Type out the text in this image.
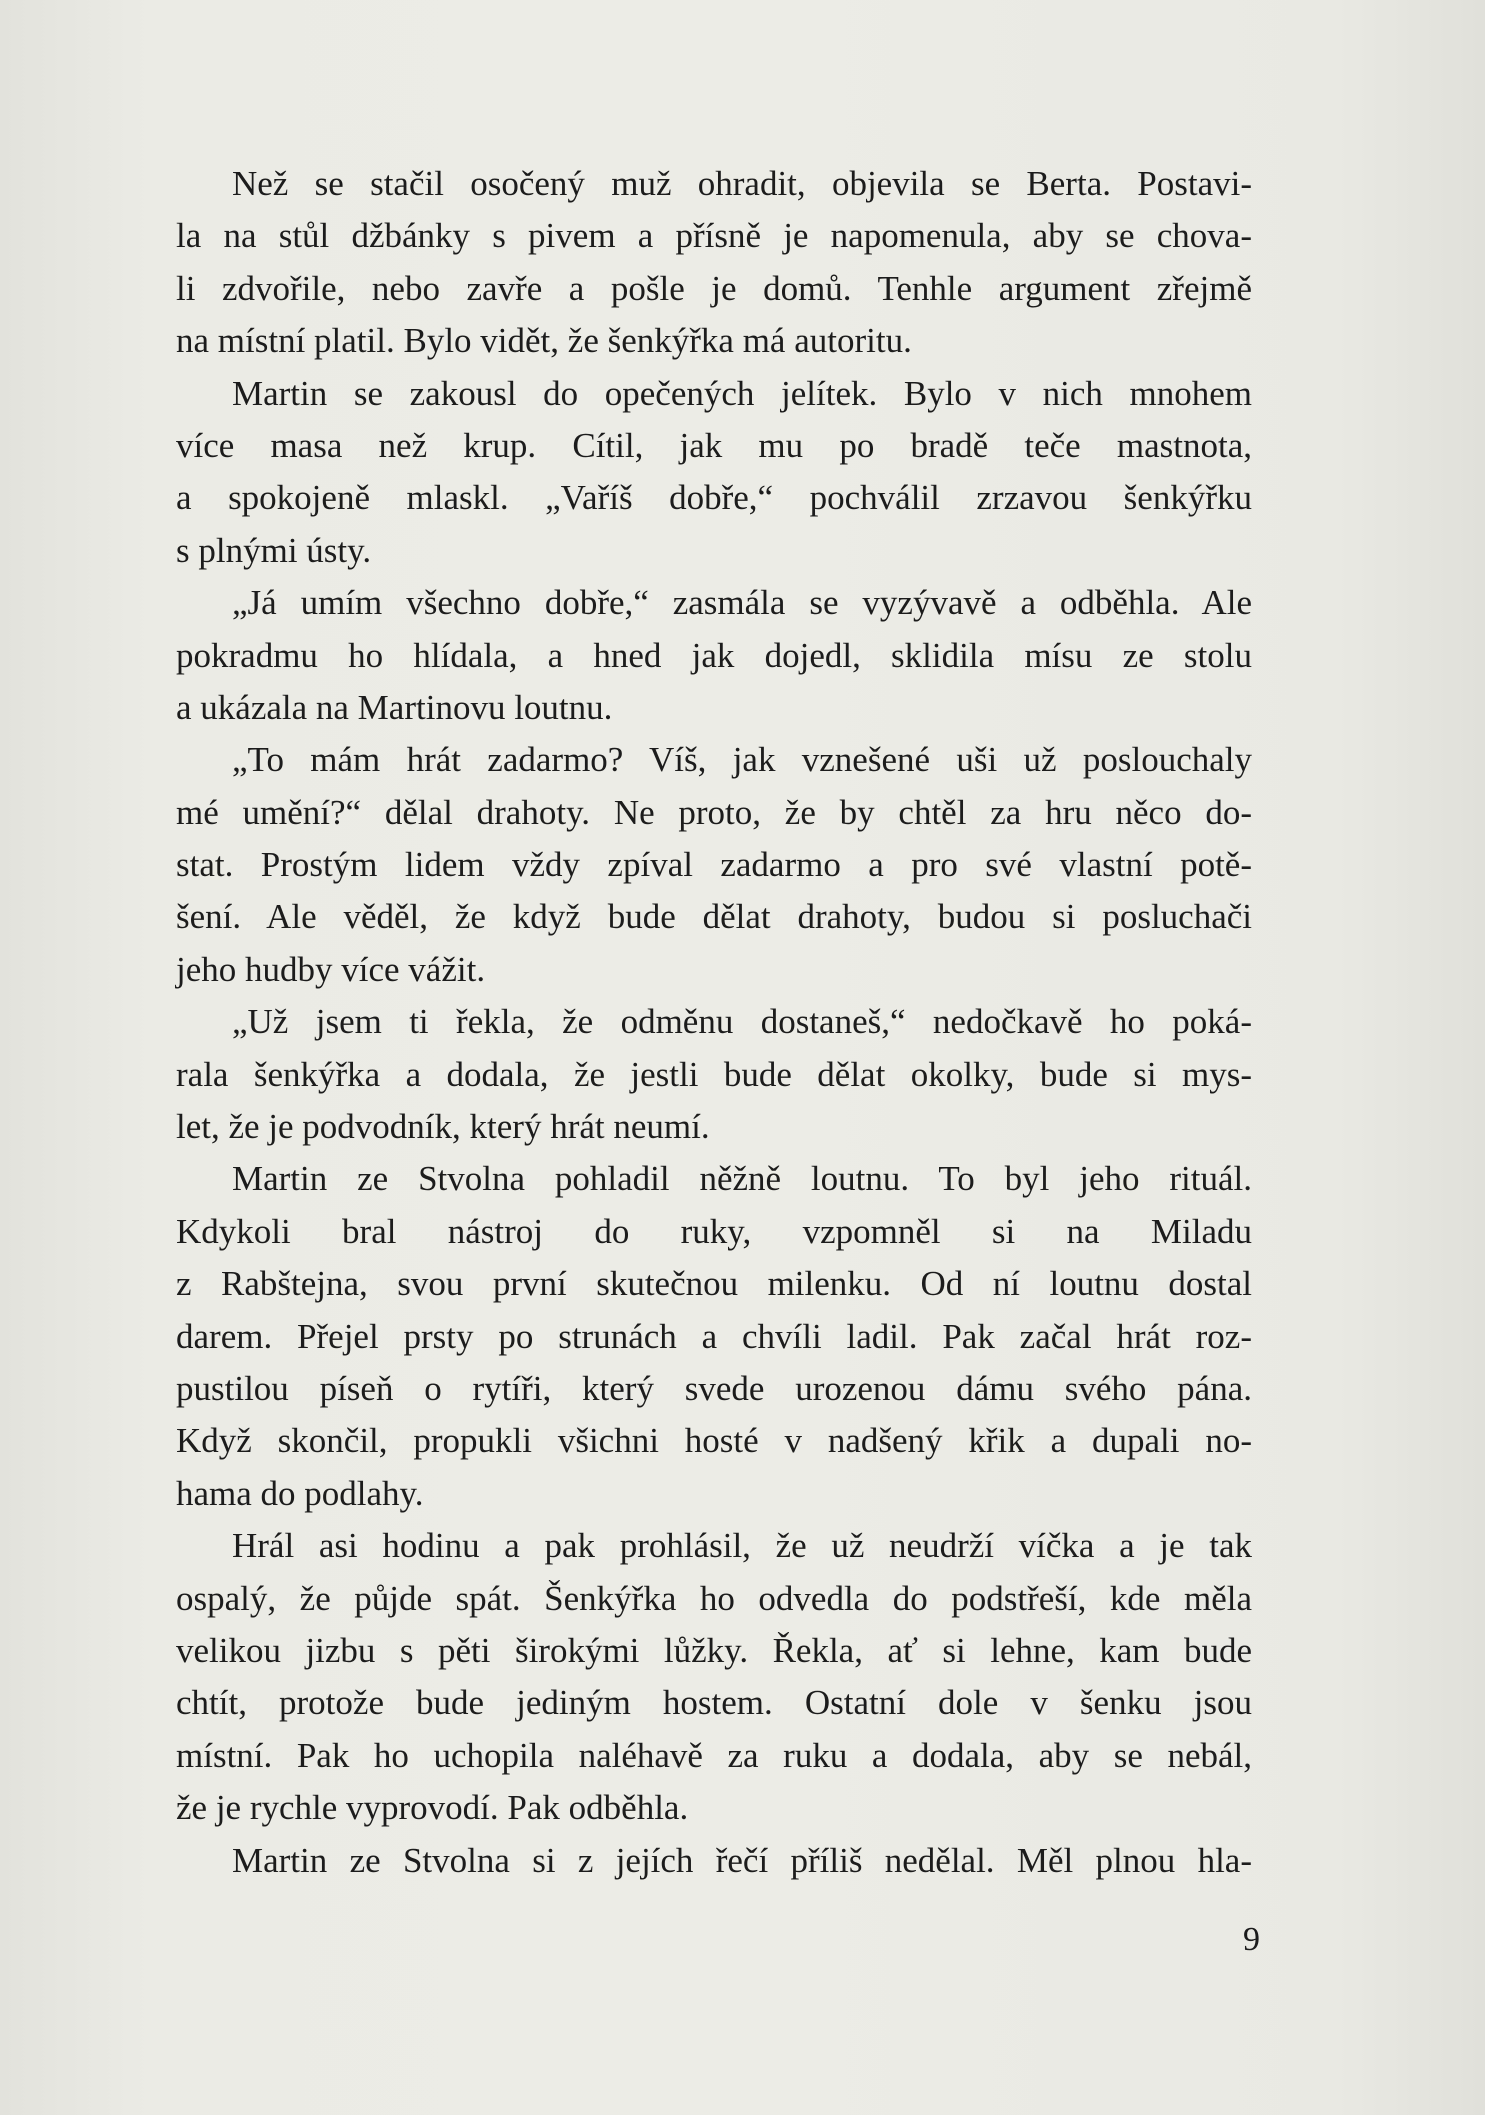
Než se stačil osočený muž ohradit, objevila se Berta. Postavi-
la na stůl džbánky s pivem a přísně je napomenula, aby se chova-
li zdvořile, nebo zavře a pošle je domů. Tenhle argument zřejmě
na místní platil. Bylo vidět, že šenkýřka má autoritu.
Martin se zakousl do opečených jelítek. Bylo v nich mnohem
více masa než krup. Cítil, jak mu po bradě teče mastnota,
a spokojeně mlaskl. „Vaříš dobře,“ pochválil zrzavou šenkýřku
s plnými ústy.
„Já umím všechno dobře,“ zasmála se vyzývavě a odběhla. Ale
pokradmu ho hlídala, a hned jak dojedl, sklidila mísu ze stolu
a ukázala na Martinovu loutnu.
„To mám hrát zadarmo? Víš, jak vznešené uši už poslouchaly
mé umění?“ dělal drahoty. Ne proto, že by chtěl za hru něco do-
stat. Prostým lidem vždy zpíval zadarmo a pro své vlastní potě-
šení. Ale věděl, že když bude dělat drahoty, budou si posluchači
jeho hudby více vážit.
„Už jsem ti řekla, že odměnu dostaneš,“ nedočkavě ho poká-
rala šenkýřka a dodala, že jestli bude dělat okolky, bude si mys-
let, že je podvodník, který hrát neumí.
Martin ze Stvolna pohladil něžně loutnu. To byl jeho rituál.
Kdykoli bral nástroj do ruky, vzpomněl si na Miladu
z Rabštejna, svou první skutečnou milenku. Od ní loutnu dostal
darem. Přejel prsty po strunách a chvíli ladil. Pak začal hrát roz-
pustilou píseň o rytíři, který svede urozenou dámu svého pána.
Když skončil, propukli všichni hosté v nadšený křik a dupali no-
hama do podlahy.
Hrál asi hodinu a pak prohlásil, že už neudrží víčka a je tak
ospalý, že půjde spát. Šenkýřka ho odvedla do podstřeší, kde měla
velikou jizbu s pěti širokými lůžky. Řekla, ať si lehne, kam bude
chtít, protože bude jediným hostem. Ostatní dole v šenku jsou
místní. Pak ho uchopila naléhavě za ruku a dodala, aby se nebál,
že je rychle vyprovodí. Pak odběhla.
Martin ze Stvolna si z jejích řečí příliš nedělal. Měl plnou hla-
9
